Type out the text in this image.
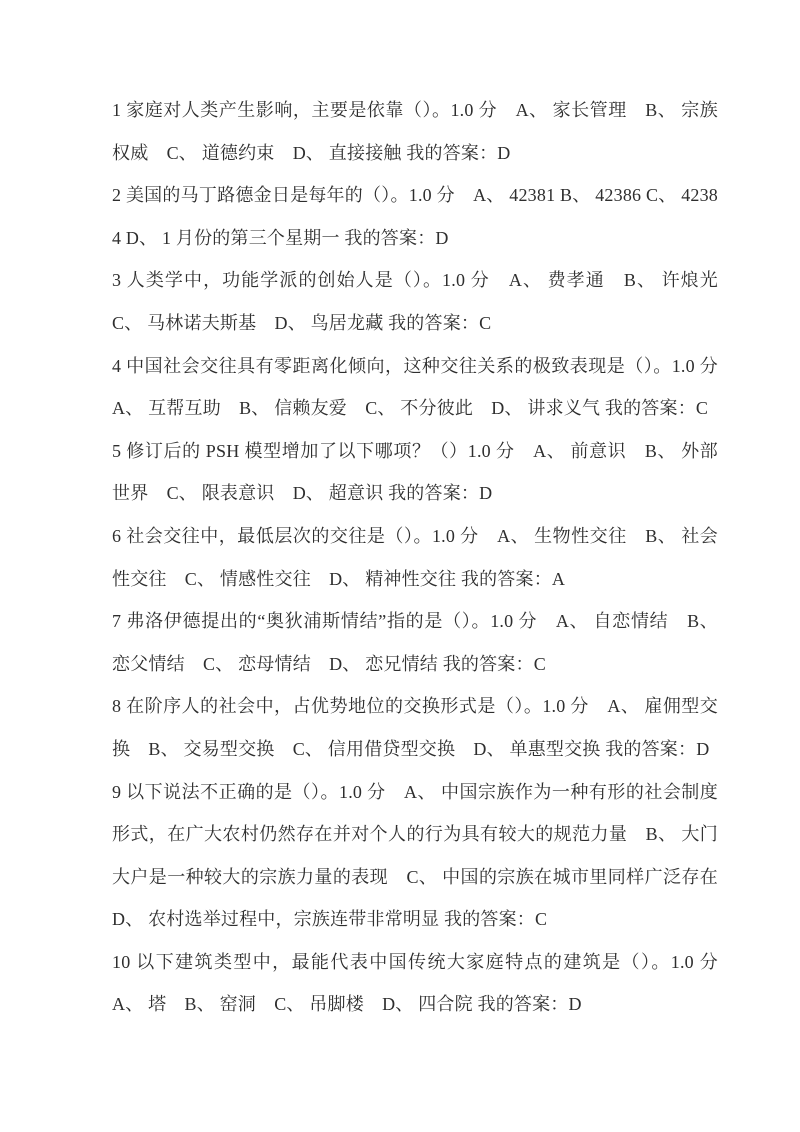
1 家庭对人类产生影响，主要是依靠（）。1.0 分　A、 家长管理　B、 宗族权威　C、 道德约束　D、 直接接触 我的答案：D

2 美国的马丁路德金日是每年的（）。1.0 分　A、 42381 B、 42386 C、 42384 D、 1 月份的第三个星期一 我的答案：D

3 人类学中，功能学派的创始人是（）。1.0 分　A、 费孝通　B、 许烺光　C、 马林诺夫斯基　D、 鸟居龙藏 我的答案：C

4 中国社会交往具有零距离化倾向，这种交往关系的极致表现是（）。1.0 分　A、 互帮互助　B、 信赖友爱　C、 不分彼此　D、 讲求义气 我的答案：C

5 修订后的 PSH 模型增加了以下哪项？（）1.0 分　A、 前意识　B、 外部世界　C、 限表意识　D、 超意识 我的答案：D

6 社会交往中，最低层次的交往是（）。1.0 分　A、 生物性交往　B、 社会性交往　C、 情感性交往　D、 精神性交往 我的答案：A

7 弗洛伊德提出的“奥狄浦斯情结”指的是（）。1.0 分　A、 自恋情结　B、 恋父情结　C、 恋母情结　D、 恋兄情结 我的答案：C

8 在阶序人的社会中，占优势地位的交换形式是（）。1.0 分　A、 雇佣型交换　B、 交易型交换　C、 信用借贷型交换　D、 单惠型交换 我的答案：D

9 以下说法不正确的是（）。1.0 分　A、 中国宗族作为一种有形的社会制度形式，在广大农村仍然存在并对个人的行为具有较大的规范力量　B、 大门大户是一种较大的宗族力量的表现　C、 中国的宗族在城市里同样广泛存在　D、 农村选举过程中，宗族连带非常明显 我的答案：C

10 以下建筑类型中，最能代表中国传统大家庭特点的建筑是（）。1.0 分　A、 塔　B、 窑洞　C、 吊脚楼　D、 四合院 我的答案：D
